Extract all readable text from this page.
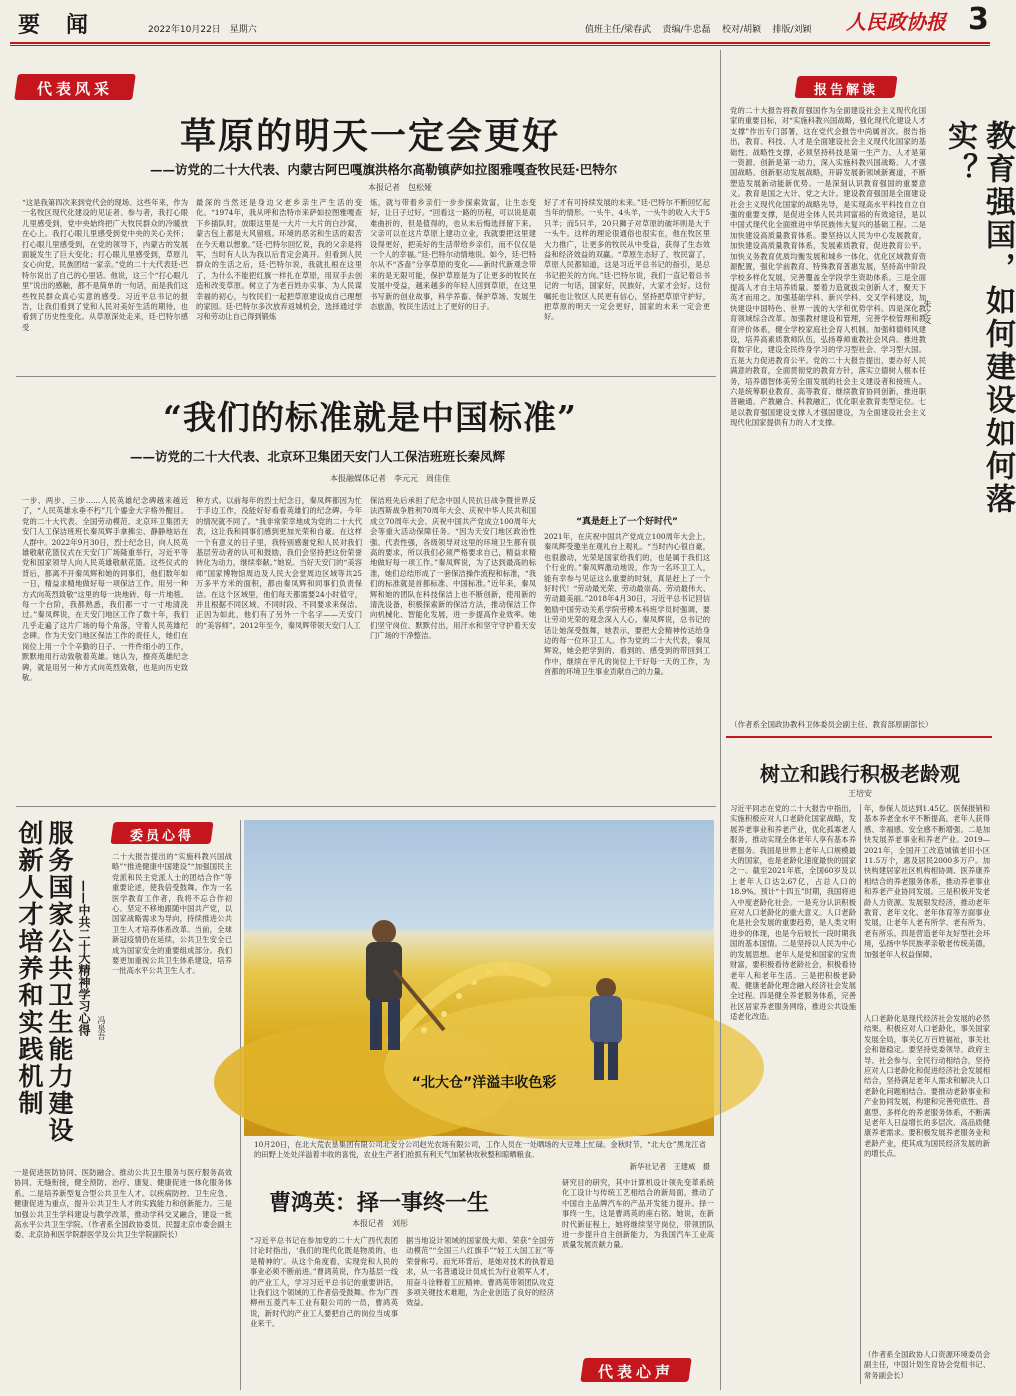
要　闻	2022年10月22日　星期六	值班主任/梁春武 责编/牛忠磊 校对/胡颖 排版/刘颖 人民政协报 3
代表风采
草原的明天一定会更好
——访党的二十大代表、内蒙古阿巴嘎旗洪格尔高勒镇萨如拉图雅嘎查牧民廷·巴特尔
本报记者　包松娅
“这是我第四次来到党代会的现场。这些年来，作为一名牧区现代化建设的见证者、参与者，我打心眼儿里感受到，党中央始终把广大牧民群众的冷暖放在心上。我打心眼儿里感受到党中央的关心关怀；打心眼儿里感受到，在党的领导下，内蒙古的发展面貌发生了巨大变化；打心眼儿里感受到，草原儿女心向党，民族团结一家亲。”党的二十大代表廷·巴特尔说出了自己的心里话。他说，这三个“打心眼儿里”说出的感触，都不是简单的一句话，而是我们这些牧民群众真心实意的感受。习近平总书记的报告，让我们看到了党和人民对美好生活的期待，也看到了历史性变化。从草原深处走来，廷·巴特尔感受
最深的当然还是身边父老乡亲生产生活的变化。“1974年，我从呼和浩特市来萨如拉图雅嘎查下乡插队时，放眼这里是一大片一大片的白沙窝，蒙古包上都是大风留痕。环境的恶劣和生活的艰苦在今天难以想象。”廷·巴特尔回忆说，我的父亲是将军，当时有人认为我以后肯定会离开。但看到人民群众的生活之后，廷·巴特尔说，我就扎根在这里了，为什么不能把红旗一样扎在草原，用双手去创造和改变草原。树立了为老百姓办实事、为人民谋幸福的初心，与牧民们一起把草原建设成自己理想的家园。廷·巴特尔多次放弃返城机会，选择通过学习和劳动让自己得到锻炼
炼，就与带着乡亲们一步步探索致富，让生态变好，让日子过好。“回看这一路的历程，可以说是艰难曲折的，但是值得的，也从未后悔选择留下来。父亲可以在这片草原上建功立业，我就要把这里建设得更好，把美好的生活带给乡亲们，而不仅仅是一个人的幸福。”廷·巴特尔动情地说。如今，廷·巴特尔从不“吝啬”分享草原的变化——新时代新观念带来的是无限可能，保护草原是为了让更多的牧民在发展中受益，越来越多的年轻人回到草原，在这里书写新的创业故事，科学养畜、保护草场、发展生态旅游，牧民生活过上了更好的日子。
好了才有可持续发展的未来。”廷·巴特尔不断回忆起当年的情形。一头牛、4头羊，一头牛的收入大于5只羊；而5只羊，20只狮子对草原的破坏则是大于一头牛。这样的理论很通俗也很实在，他在牧区里大力推广，让更多的牧民从中受益，获得了生态效益和经济效益的双赢。“草原生态好了，牧民富了，草原人民都知道，这是习近平总书记的指引，是总书记把关的方向。”廷·巴特尔说，我们一直记着总书记的一句话，国家好，民族好，大家才会好。这份嘱托也让牧区人民更有信心，坚持把草原守护好，把草原的明天一定会更好，国家的未来一定会更好。
“我们的标准就是中国标准”
——访党的二十大代表、北京环卫集团天安门人工保洁班班长秦凤辉
本报融媒体记者　李元元　周佳佳
一步、两步、三步……人民英雄纪念碑越来越近了，“人民英雄永垂不朽”几个鎏金大字格外醒目。党的二十大代表、全国劳动模范、北京环卫集团天安门人工保洁班班长秦凤辉手拿拂尘、静静地站在人群中。2022年9月30日，烈士纪念日，向人民英雄敬献花篮仪式在天安门广场隆重举行，习近平等党和国家领导人向人民英雄敬献花篮。这些仪式的背后，都离不开秦凤辉和她的同事们，他们数年如一日，精益求精地做好每一项保洁工作。用另一种方式向英烈致敬“这里的每一块地砖、每一片地毯、每一个台阶，我都熟悉，我们都一寸一寸地清洗过。”秦凤辉说，在天安门地区工作了数十年，我们几乎走遍了这片广场的每个角落，守着人民英雄纪念碑。作为天安门地区保洁工作的责任人，她们在岗位上用一个个辛勤的日子、一件件细小的工作，默默地用行动致敬着英雄。她认为，擦亮英雄纪念碑，就是用另一种方式向英烈致敬，也是向历史致敬。
种方式。以前每年的烈士纪念日，秦凤辉都因为忙于手边工作，没能好好看看英雄们的纪念碑。今年的情况就不同了。“我非常荣幸地成为党的二十大代表，这让我和同事们感到更加光荣和自豪。在这样一个有意义的日子里，我特别感谢党和人民对我们基层劳动者的认可和鼓励，我们会坚持把这份荣誉转化为动力，继续奉献。”她说。当好天安门的“美容师”国家博物馆周边及人民大会堂周边区域等共25万多平方米的面积，都由秦凤辉和同事们负责保洁。在这个区域里，他们每天都需要24小时值守，并且根据不同区域、不同时段、不同要求来保洁。正因为如此，他们有了另外一个名字——天安门的“美容师”。2012年至今，秦凤辉带领天安门人工
保洁班先后承担了纪念中国人民抗日战争暨世界反法西斯战争胜利70周年大会、庆祝中华人民共和国成立70周年大会、庆祝中国共产党成立100周年大会等重大活动保障任务。“因为天安门地区政治性强、代表性强，各级领导对这里的环境卫生都有很高的要求，所以我们必须严格要求自己，精益求精地做好每一项工作。”秦凤辉说，为了达到最高的标准，她们总结形成了一套保洁操作流程和标准，“我们的标准就是首都标准、中国标准。”近年来，秦凤辉和她的团队在科技保洁上也不断创新，使用新的清洗设备，积极探索新的保洁方法，推动保洁工作向机械化、智能化发展，进一步提高作业效率。她们坚守岗位、默默付出，用汗水和坚守守护着天安门广场的干净整洁。
“真是赶上了一个好时代”
2021年，在庆祝中国共产党成立100周年大会上，秦凤辉受邀坐在观礼台上观礼。“当时内心很自豪，也很激动，光荣是国家给我们的，也是属于我们这个行业的。”秦凤辉激动地说，作为一名环卫工人，能有幸参与见证这么重要的时刻，真是赶上了一个好时代！“劳动最光荣、劳动最崇高、劳动最伟大、劳动最美丽。”2018年4月30日，习近平总书记回信勉励中国劳动关系学院劳模本科班学员时强调，要让劳动光荣的观念深入人心。秦凤辉说，总书记的话让她深受鼓舞，她表示，要把大会精神传达给身边的每一位环卫工人。作为党的二十大代表，秦凤辉说，她会把学到的、看到的、感受到的带回到工作中，继续在平凡的岗位上干好每一天的工作，为首都的环境卫生事业贡献自己的力量。
报告解读
党的二十大报告将教育强国作为全面建设社会主义现代化国家的重要目标，对“实施科教兴国战略，强化现代化建设人才支撑”作出专门部署，这在党代会报告中尚属首次。报告指出，教育、科技、人才是全面建设社会主义现代化国家的基础性、战略性支撑，必须坚持科技是第一生产力、人才是第一资源、创新是第一动力，深入实施科教兴国战略、人才强国战略、创新驱动发展战略，开辟发展新领域新赛道，不断塑造发展新动能新优势。一是深刻认识教育强国的重要意义。教育是国之大计、党之大计。建设教育强国是全面建设社会主义现代化国家的战略先导，是实现高水平科技自立自强的重要支撑，是促进全体人民共同富裕的有效途径，是以中国式现代化全面推进中华民族伟大复兴的基础工程。二是加快建设高质量教育体系。要坚持以人民为中心发展教育，加快建设高质量教育体系，发展素质教育，促进教育公平。加快义务教育优质均衡发展和城乡一体化，优化区域教育资源配置，强化学前教育、特殊教育普惠发展，坚持高中阶段学校多样化发展，完善覆盖全学段学生资助体系。三是全面提高人才自主培养质量。要着力造就拔尖创新人才，聚天下英才而用之。加强基础学科、新兴学科、交叉学科建设，加快建设中国特色、世界一流的大学和优势学科。四是深化教育领域综合改革。加强教材建设和管理，完善学校管理和教育评价体系，健全学校家庭社会育人机制。加强师德师风建设，培养高素质教师队伍，弘扬尊师重教社会风尚。推进教育数字化，建设全民终身学习的学习型社会、学习型大国。五是大力促进教育公平。党的二十大报告提出，要办好人民满意的教育，全面贯彻党的教育方针，落实立德树人根本任务，培养德智体美劳全面发展的社会主义建设者和接班人。六是统筹职业教育、高等教育、继续教育协同创新，推进职普融通、产教融合、科教融汇，优化职业教育类型定位。七是以教育强国建设支撑人才强国建设，为全面建设社会主义现代化国家提供有力的人才支撑。	教育强国，如何建设如何落实？
朱之文
（作者系全国政协教科卫体委员会副主任、教育部原副部长）
树立和践行积极老龄观
王培安
习近平同志在党的二十大报告中指出，实施积极应对人口老龄化国家战略，发展养老事业和养老产业，优化孤寡老人服务，推动实现全体老年人享有基本养老服务。我国是世界上老年人口规模最大的国家，也是老龄化速度最快的国家之一。截至2021年底，全国60岁及以上老年人口达2.67亿，占总人口的18.9%。预计“十四五”时期，我国将进入中度老龄化社会。一是充分认识积极应对人口老龄化的重大意义。人口老龄化是社会发展的重要趋势，是人类文明进步的体现，也是今后较长一段时期我国的基本国情。二是坚持以人民为中心的发展思想。老年人是党和国家的宝贵财富，要积极看待老龄社会，积极看待老年人和老年生活。三是把积极老龄观、健康老龄化理念融入经济社会发展全过程。四是健全养老服务体系，完善社区居家养老服务网络，推进公共设施适老化改造。
年，参保人员达到1.45亿。医保报销和基本养老金水平不断提高，老年人获得感、幸福感、安全感不断增强。二是加快发展养老事业和养老产业。2019—2021年，全国开工改造城镇老旧小区11.5万个，惠及居民2000多万户。加快构建居家社区机构相协调、医养康养相结合的养老服务体系，推动养老事业和养老产业协同发展。三是积极开发老龄人力资源。发展银发经济，推动老年教育、老年文化、老年体育等方面事业发展，让老年人老有所学、老有所为、老有所乐。四是营造老年友好型社会环境，弘扬中华民族孝亲敬老传统美德，加强老年人权益保障。
人口老龄化是现代经济社会发展的必然结果。积极应对人口老龄化，事关国家发展全局，事关亿万百姓福祉，事关社会和谐稳定。要坚持党委领导、政府主导、社会参与、全民行动相结合，坚持应对人口老龄化和促进经济社会发展相结合，坚持满足老年人需求和解决人口老龄化问题相结合。要推动老龄事业和产业协同发展，构建和完善兜底性、普惠型、多样化的养老服务体系，不断满足老年人日益增长的多层次、高品质健康养老需求。要积极发展养老服务业和老龄产业，使其成为国民经济发展的新的增长点。
（作者系全国政协人口资源环境委员会副主任，中国计划生育协会党组书记、常务副会长）
委员心得
服务国家公共卫生能力建设 创新人才培养和实践机制	——中共二十大精神学习心得 冯泉吾
二十大报告提出的“实施科教兴国战略”“推进健康中国建设”“加强国民主党派和民主党派人士的团结合作”等重要论述，使我倍受鼓舞。作为一名医学教育工作者，我将不忘合作初心、坚定不移地跟随中国共产党，以国家战略需求为导向，持续推进公共卫生人才培养体系改革。当前，全球新冠疫情仍在延续，公共卫生安全已成为国家安全的重要组成部分。我们要更加重视公共卫生体系建设，培养一批高水平公共卫生人才。
一是促进医防协同、医防融合。推动公共卫生服务与医疗服务高效协同、无缝衔接，健全预防、治疗、康复、健康促进一体化服务体系。二是培养新型复合型公共卫生人才。以疾病防控、卫生应急、健康促进为重点，提升公共卫生人才的实践能力和创新能力。三是加强公共卫生学科建设与教学改革，推动学科交叉融合，建设一批高水平公共卫生学院。（作者系全国政协委员、民盟北京市委会副主委、北京协和医学院群医学及公共卫生学院副院长）
“北大仓”洋溢丰收色彩
10月20日，在北大荒农垦集团有限公司北安分公司赵光农场有限公司，工作人员在一处晒场的大豆堆上忙碌。金秋时节，“北大仓”黑龙江省的田野上处处洋溢着丰收的喜悦，农业生产者们抢抓有利天气加紧秋收秋整和晾晒粮食。
新华社记者　王建威　摄
曹鸿英：择一事终一生
本报记者　刘彤
“习近平总书记在参加党的二十大广西代表团讨论时指出，‘我们的现代化既是物质的，也是精神的’。从这个角度看，实现党和人民的事业必须不断前进。”曹鸿英说，作为基层一线的产业工人，学习习近平总书记的重要讲话，让我们这个领域的工作者倍受鼓舞。作为广西柳州五菱汽车工业有限公司的一员，曹鸿英说，新时代的产业工人要把自己的岗位当成事业来干。
据当地设计领域的国家级大师、荣获“全国劳动模范”“全国三八红旗手”“轻工大国工匠”等荣誉称号。而光环背后，是她对技术的执着追求，从一名普通设计员成长为行业领军人才，用奋斗诠释着工匠精神。曹鸿英带领团队攻克多项关键技术难题，为企业创造了良好的经济效益。
研究目的研究，其中计算机设计领先变革系统化工设计与传统工艺相结合的新局面，推动了中国自主品牌汽车的产品开发能力提升。择一事终一生，这是曹鸿英的座右铭。她说，在新时代新征程上，她将继续坚守岗位，带领团队进一步提升自主创新能力，为我国汽车工业高质量发展贡献力量。
代表心声
